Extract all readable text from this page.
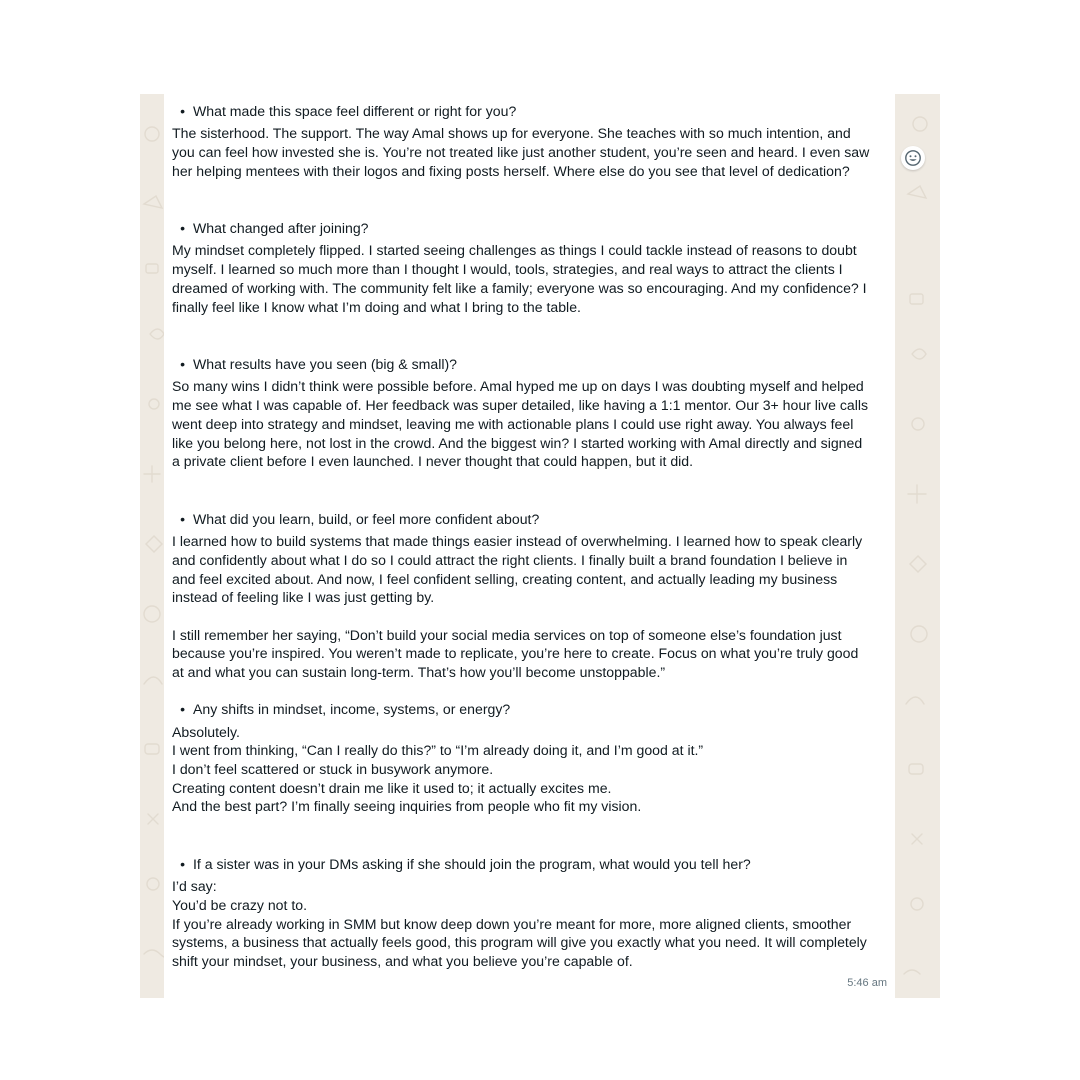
• What made this space feel different or right for you?
The sisterhood. The support. The way Amal shows up for everyone. She teaches with so much intention, and
you can feel how invested she is. You’re not treated like just another student, you’re seen and heard. I even saw
her helping mentees with their logos and fixing posts herself. Where else do you see that level of dedication?
• What changed after joining?
My mindset completely flipped. I started seeing challenges as things I could tackle instead of reasons to doubt
myself. I learned so much more than I thought I would, tools, strategies, and real ways to attract the clients I
dreamed of working with. The community felt like a family; everyone was so encouraging. And my confidence? I
finally feel like I know what I’m doing and what I bring to the table.
• What results have you seen (big & small)?
So many wins I didn’t think were possible before. Amal hyped me up on days I was doubting myself and helped
me see what I was capable of. Her feedback was super detailed, like having a 1:1 mentor. Our 3+ hour live calls
went deep into strategy and mindset, leaving me with actionable plans I could use right away. You always feel
like you belong here, not lost in the crowd. And the biggest win? I started working with Amal directly and signed
a private client before I even launched. I never thought that could happen, but it did.
• What did you learn, build, or feel more confident about?
I learned how to build systems that made things easier instead of overwhelming. I learned how to speak clearly
and confidently about what I do so I could attract the right clients. I finally built a brand foundation I believe in
and feel excited about. And now, I feel confident selling, creating content, and actually leading my business
instead of feeling like I was just getting by.
I still remember her saying, “Don’t build your social media services on top of someone else’s foundation just
because you’re inspired. You weren’t made to replicate, you’re here to create. Focus on what you’re truly good
at and what you can sustain long-term. That’s how you’ll become unstoppable.”
• Any shifts in mindset, income, systems, or energy?
Absolutely.
I went from thinking, “Can I really do this?” to “I’m already doing it, and I’m good at it.”
I don’t feel scattered or stuck in busywork anymore.
Creating content doesn’t drain me like it used to; it actually excites me.
And the best part? I’m finally seeing inquiries from people who fit my vision.
• If a sister was in your DMs asking if she should join the program, what would you tell her?
I’d say:
You’d be crazy not to.
If you’re already working in SMM but know deep down you’re meant for more, more aligned clients, smoother
systems, a business that actually feels good, this program will give you exactly what you need. It will completely
shift your mindset, your business, and what you believe you’re capable of.
5:46 am
